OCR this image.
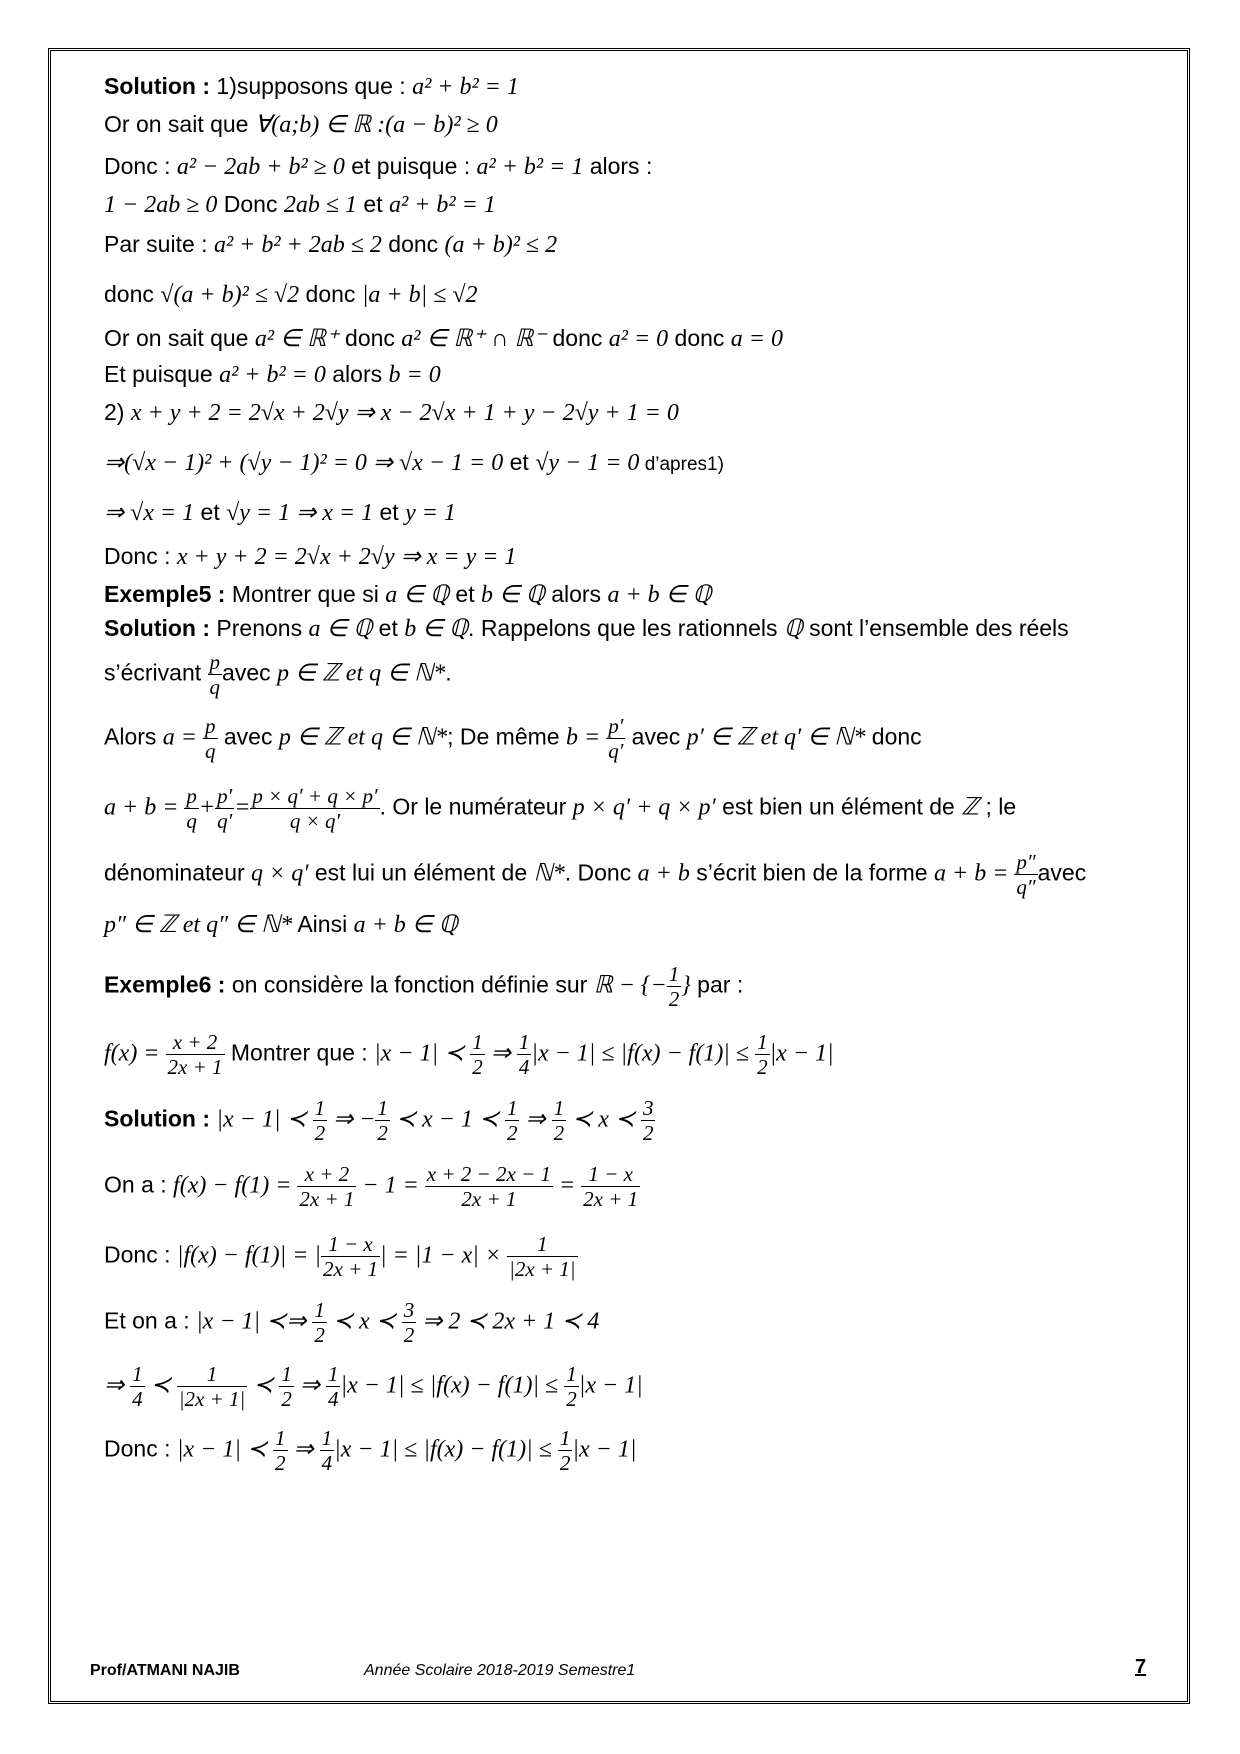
Solution : 1)supposons que : a² + b² = 1
Or on sait que ∀(a;b) ∈ ℝ :(a − b)² ≥ 0
Donc : a² − 2ab + b² ≥ 0 et puisque : a² + b² = 1 alors :
1 − 2ab ≥ 0 Donc 2ab ≤ 1 et a² + b² = 1
Par suite : a² + b² + 2ab ≤ 2 donc (a + b)² ≤ 2
donc √(a + b)² ≤ √2 donc |a + b| ≤ √2
Or on sait que a² ∈ ℝ⁺ donc a² ∈ ℝ⁺ ∩ ℝ⁻ donc a² = 0 donc a = 0
Et puisque a² + b² = 0 alors b = 0
2) x + y + 2 = 2√x + 2√y ⇒ x − 2√x + 1 + y − 2√y + 1 = 0
⇒(√x − 1)² + (√y − 1)² = 0 ⇒ √x − 1 = 0 et √y − 1 = 0 d’apres1)
⇒ √x = 1 et √y = 1 ⇒ x = 1 et y = 1
Donc : x + y + 2 = 2√x + 2√y ⇒ x = y = 1
Exemple5 : Montrer que si a ∈ ℚ et b ∈ ℚ alors a + b ∈ ℚ
Solution : Prenons a ∈ ℚ et b ∈ ℚ. Rappelons que les rationnels ℚ sont l’ensemble des réels
s’écrivant $\frac{p}{q}$ avec p ∈ ℤ et q ∈ ℕ*.
Alors $a = \frac{p}{q}$ avec p ∈ ℤ et q ∈ ℕ*; De même $b = \frac{p'}{q'}$ avec p′ ∈ ℤ et q′ ∈ ℕ* donc
$a + b = \frac{p}{q} + \frac{p'}{q'} = \frac{p \times q' + q \times p'}{q \times q'}$ . Or le numérateur p × q′ + q × p′ est bien un élément de ℤ ; le
dénominateur q × q′ est lui un élément de ℕ*. Donc a + b s’écrit bien de la forme $a + b = \frac{p''}{q''}$ avec
p″ ∈ ℤ et q″ ∈ ℕ* Ainsi a + b ∈ ℚ
Exemple6 : on considère la fonction définie sur ℝ − {− $\frac{1}{2}$ } par :
$f(x) = \frac{x + 2}{2x + 1}$ Montrer que : |x − 1| ≺ $\frac{1}{2}$ ⇒ $\frac{1}{4} |x - 1| \le |f(x) - f(1)| \le \frac{1}{2} |x - 1|$
Solution : |x − 1| ≺ $\frac{1}{2}$ ⇒ − $\frac{1}{2}$ ≺ x − 1 ≺ $\frac{1}{2}$ ⇒ $\frac{1}{2}$ ≺ x ≺ $\frac{3}{2}$
On a : $f(x) - f(1) = \frac{x + 2}{2x + 1} - 1 = \frac{x + 2 - 2x - 1}{2x + 1} = \frac{1 - x}{2x + 1}$
Donc : |f(x) − f(1)| = | $\frac{1 - x}{2x + 1}$ | = $|1 - x| \times \frac{1}{|2x + 1|}$
Et on a : |x − 1| ≺⇒ $\frac{1}{2}$ ≺ x ≺ $\frac{3}{2}$ ⇒ 2 ≺ 2x + 1 ≺ 4
⇒ $\frac{1}{4}$ ≺ $\frac{1}{|2x + 1|}$ ≺ $\frac{1}{2}$ ⇒ $\frac{1}{4} |x - 1| \le |f(x) - f(1)| \le \frac{1}{2} |x - 1|$
Donc : |x − 1| ≺ $\frac{1}{2}$ ⇒ $\frac{1}{4} |x - 1| \le |f(x) - f(1)| \le \frac{1}{2} |x - 1|$
Prof/ATMANI NAJIB	Année Scolaire 2018-2019 Semestre1	7
